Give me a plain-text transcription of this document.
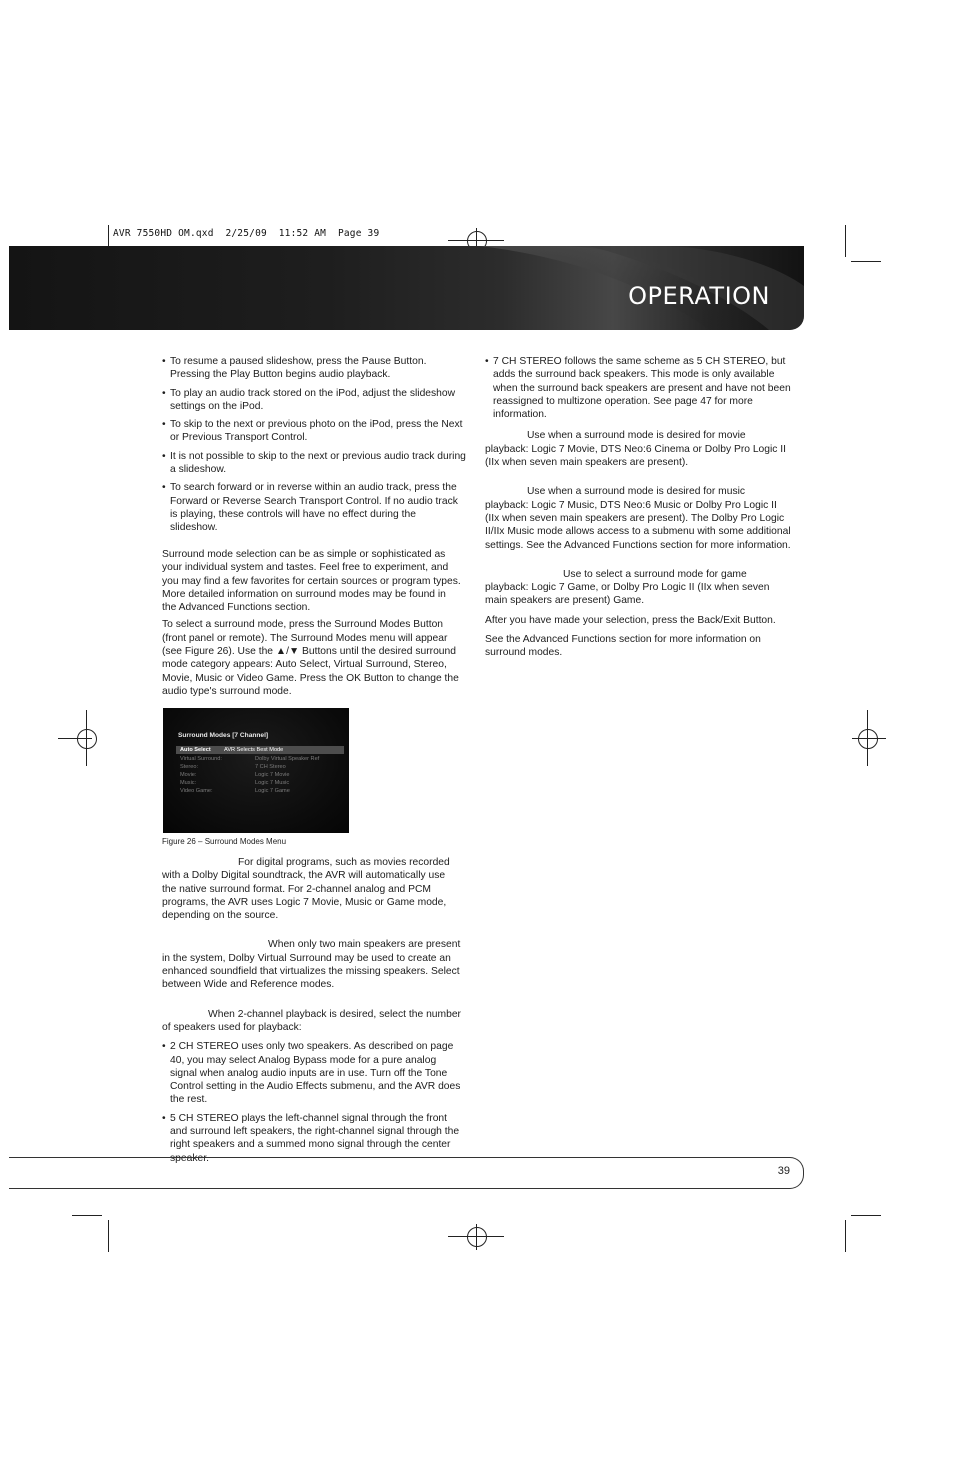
AVR 7550HD OM.qxd  2/25/09  11:52 AM  Page 39
OPERATION
• To resume a paused slideshow, press the Pause Button. Pressing the Play Button begins audio playback.
• To play an audio track stored on the iPod, adjust the slideshow settings on the iPod.
• To skip to the next or previous photo on the iPod, press the Next or Previous Transport Control.
• It is not possible to skip to the next or previous audio track during a slideshow.
• To search forward or in reverse within an audio track, press the Forward or Reverse Search Transport Control. If no audio track is playing, these controls will have no effect during the slideshow.

Surround mode selection can be as simple or sophisticated as your individual system and tastes. Feel free to experiment, and you may find a few favorites for certain sources or program types. More detailed information on surround modes may be found in the Advanced Functions section.

To select a surround mode, press the Surround Modes Button (front panel or remote). The Surround Modes menu will appear (see Figure 26). Use the ▲/▼ Buttons until the desired surround mode category appears: Auto Select, Virtual Surround, Stereo, Movie, Music or Video Game. Press the OK Button to change the audio type's surround mode.

Surround Modes [7 Channel]
Auto Select AVR Selects Best Mode
Virtual Surround:	Dolby Virtual Speaker Ref
Stereo:	7 CH Stereo
Movie:	Logic 7 Movie
Music:	Logic 7 Music
Video Game:	Logic 7 Game
Figure 26 – Surround Modes Menu

For digital programs, such as movies recorded with a Dolby Digital soundtrack, the AVR will automatically use the native surround format. For 2-channel analog and PCM programs, the AVR uses Logic 7 Movie, Music or Game mode, depending on the source.

When only two main speakers are present in the system, Dolby Virtual Surround may be used to create an enhanced soundfield that virtualizes the missing speakers. Select between Wide and Reference modes.

When 2-channel playback is desired, select the number of speakers used for playback:

• 2 CH STEREO uses only two speakers. As described on page 40, you may select Analog Bypass mode for a pure analog signal when analog audio inputs are in use. Turn off the Tone Control setting in the Audio Effects submenu, and the AVR does the rest.
• 5 CH STEREO plays the left-channel signal through the front and surround left speakers, the right-channel signal through the right speakers and a summed mono signal through the center speaker.
• 7 CH STEREO follows the same scheme as 5 CH STEREO, but adds the surround back speakers. This mode is only available when the surround back speakers are present and have not been reassigned to multizone operation. See page 47 for more information.

Use when a surround mode is desired for movie playback: Logic 7 Movie, DTS Neo:6 Cinema or Dolby Pro Logic II (IIx when seven main speakers are present).

Use when a surround mode is desired for music playback: Logic 7 Music, DTS Neo:6 Music or Dolby Pro Logic II (IIx when seven main speakers are present). The Dolby Pro Logic II/IIx Music mode allows access to a submenu with some additional settings. See the Advanced Functions section for more information.

Use to select a surround mode for game playback: Logic 7 Game, or Dolby Pro Logic II (IIx when seven main speakers are present) Game.

After you have made your selection, press the Back/Exit Button.

See the Advanced Functions section for more information on surround modes.

39
